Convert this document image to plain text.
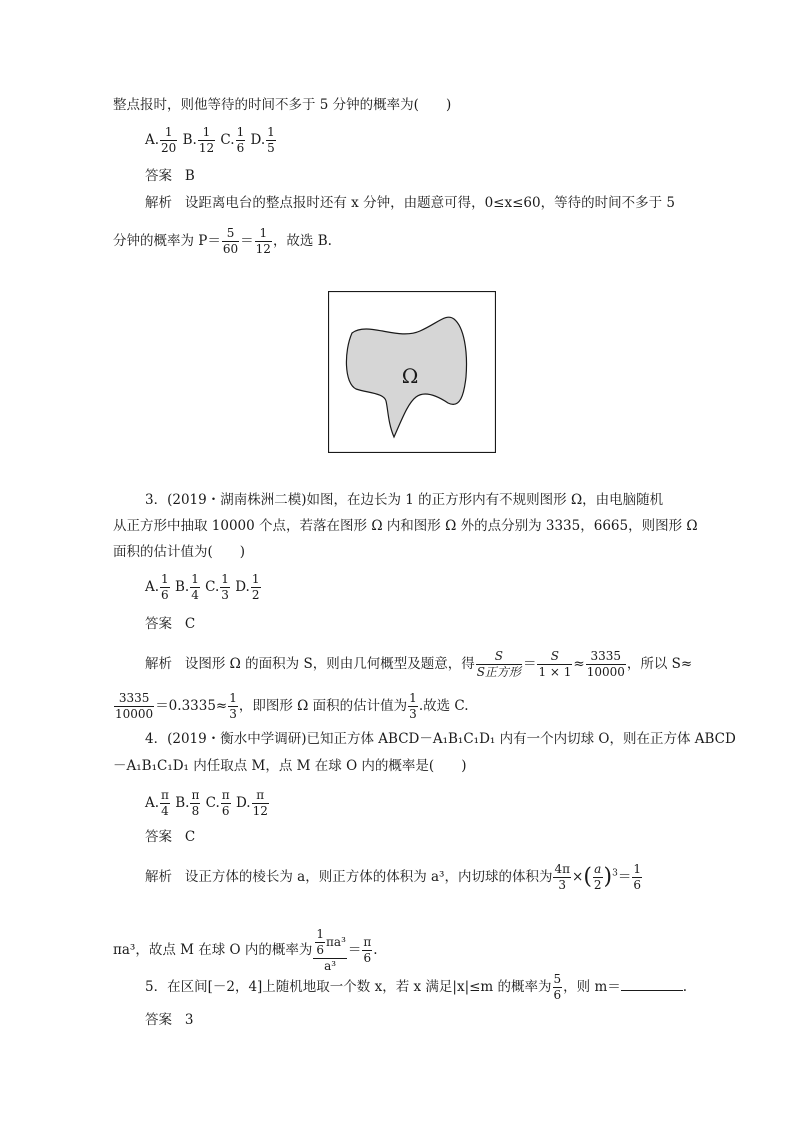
整点报时，则他等待的时间不多于 5 分钟的概率为(　　)
A. $\frac{1}{20} B$. $\frac{1}{12} C$. $\frac{1}{6} D$. $\frac{1}{5}$
答案 B
解析 设距离电台的整点报时还有 x 分钟，由题意可得，0≤x≤60，等待的时间不多于 5
分钟的概率为 $P= \frac{5}{60} = \frac{1}{12}$ ，故选 B.
Ω
3．(2019・湖南株洲二模)如图，在边长为 1 的正方形内有不规则图形 Ω，由电脑随机
从正方形中抽取 10000 个点，若落在图形 Ω 内和图形 Ω 外的点分别为 3335，6665，则图形 Ω
面积的估计值为(　　)
A. $\frac{1}{6} B$. $\frac{1}{4} C$. $\frac{1}{3} D$. $\frac{1}{2}$
答案 C
解析 设图形 Ω 的面积为 S，则由几何概型及题意，得 $\frac{S}{\text{S正方形}} = \frac{S}{1 \times 1} \approx \frac{3335}{10000}$ ，所以 S≈
$\frac{3335}{10000} =0.3335\approx \frac{1}{3}$ ，即图形 Ω 面积的估计值为 $\frac{1}{3}$ .故选 C.
4．(2019・衡水中学调研)已知正方体 ABCD－A₁B₁C₁D₁ 内有一个内切球 O，则在正方体 ABCD
－A₁B₁C₁D₁ 内任取点 M，点 M 在球 O 内的概率是(　　)
A. $\frac{\pi}{4} B$. $\frac{\pi}{8} C$. $\frac{\pi}{6} D$. $\frac{\pi}{12}$
答案 C
解析 设正方体的棱长为 a，则正方体的体积为 a³，内切球的体积为 $\frac{4\pi}{3}$ ×( $\frac{a}{2} )^3= \frac{1}{6}$
πa³，故点 M 在球 O 内的概率为 $\frac{\frac{1}{6} \pi a^3}{\text{a³}} = \frac{\pi}{6}$ .
5．在区间[－2，4]上随机地取一个数 x，若 x 满足|x|≤m 的概率为 $\frac{5}{6}$ ，则 m＝	.
答案 3
